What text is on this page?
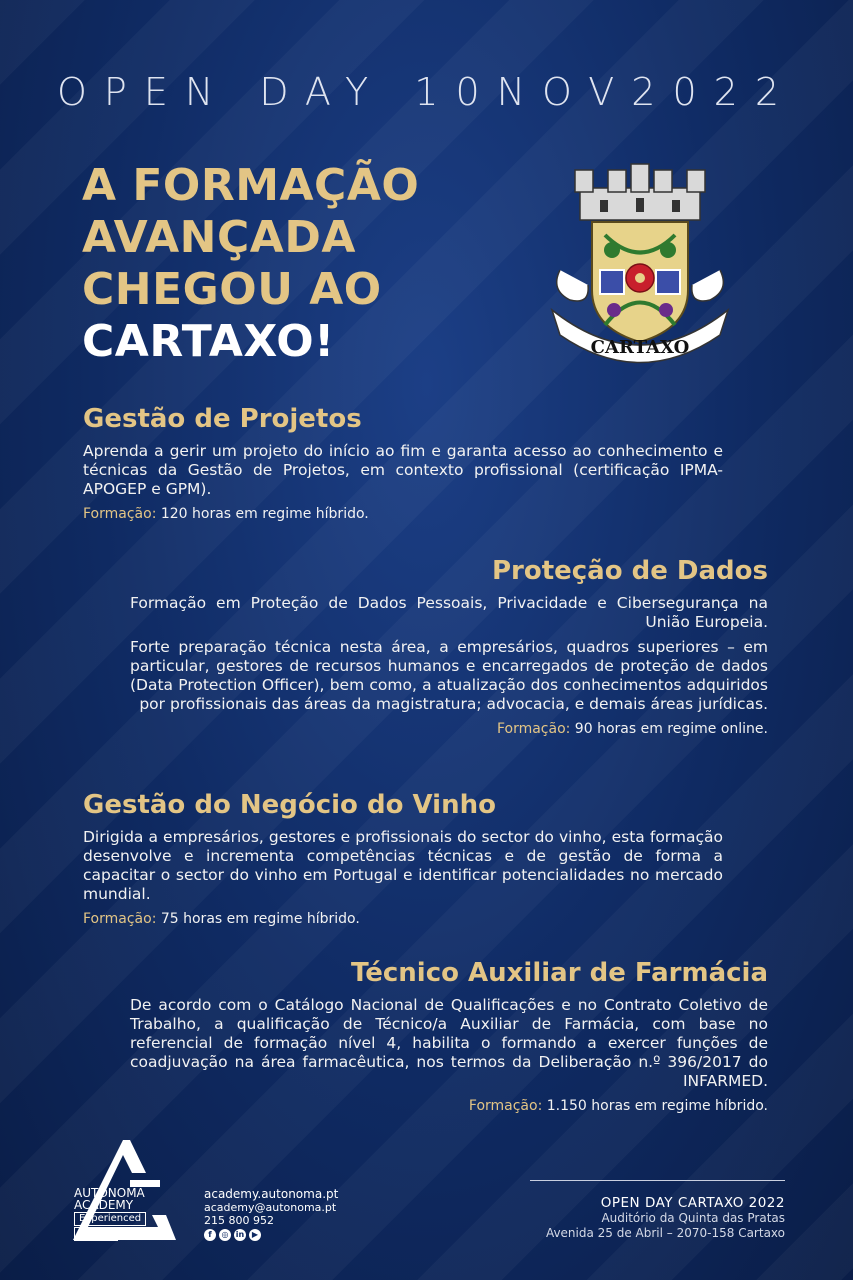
OPEN DAY 10NOV2022
A FORMAÇÃO
AVANÇADA
CHEGOU AO
CARTAXO!	CARTAXO
Gestão de Projetos

Aprenda a gerir um projeto do início ao fim e garanta acesso ao conhecimento e técnicas da Gestão de Projetos, em contexto profissional (certificação IPMA-APOGEP e GPM).

Formação: 120 horas em regime híbrido.
Proteção de Dados

Formação em Proteção de Dados Pessoais, Privacidade e Cibersegurança na União Europeia.

Forte preparação técnica nesta área, a empresários, quadros superiores – em particular, gestores de recursos humanos e encarregados de proteção de dados (Data Protection Officer), bem como, a atualização dos conhecimentos adquiridos por profissionais das áreas da magistratura; advocacia, e demais áreas jurídicas.

Formação: 90 horas em regime online.
Gestão do Negócio do Vinho

Dirigida a empresários, gestores e profissionais do sector do vinho, esta formação desenvolve e incrementa competências técnicas e de gestão de forma a capacitar o sector do vinho em Portugal e identificar potencialidades no mercado mundial.

Formação: 75 horas em regime híbrido.
Técnico Auxiliar de Farmácia

De acordo com o Catálogo Nacional de Qualificações e no Contrato Coletivo de Trabalho, a qualificação de Técnico/a Auxiliar de Farmácia, com base no referencial de formação nível 4, habilita o formando a exercer funções de coadjuvação na área farmacêutica, nos termos da Deliberação n.º 396/2017 do INFARMED.

Formação: 1.150 horas em regime híbrido.
AUTÓNOMA
ACADEMY
Experienced
people
academy.autonoma.pt
academy@autonoma.pt
215 800 952
f	◎ in ▶
OPEN DAY CARTAXO 2022
Auditório da Quinta das Pratas
Avenida 25 de Abril – 2070-158 Cartaxo
